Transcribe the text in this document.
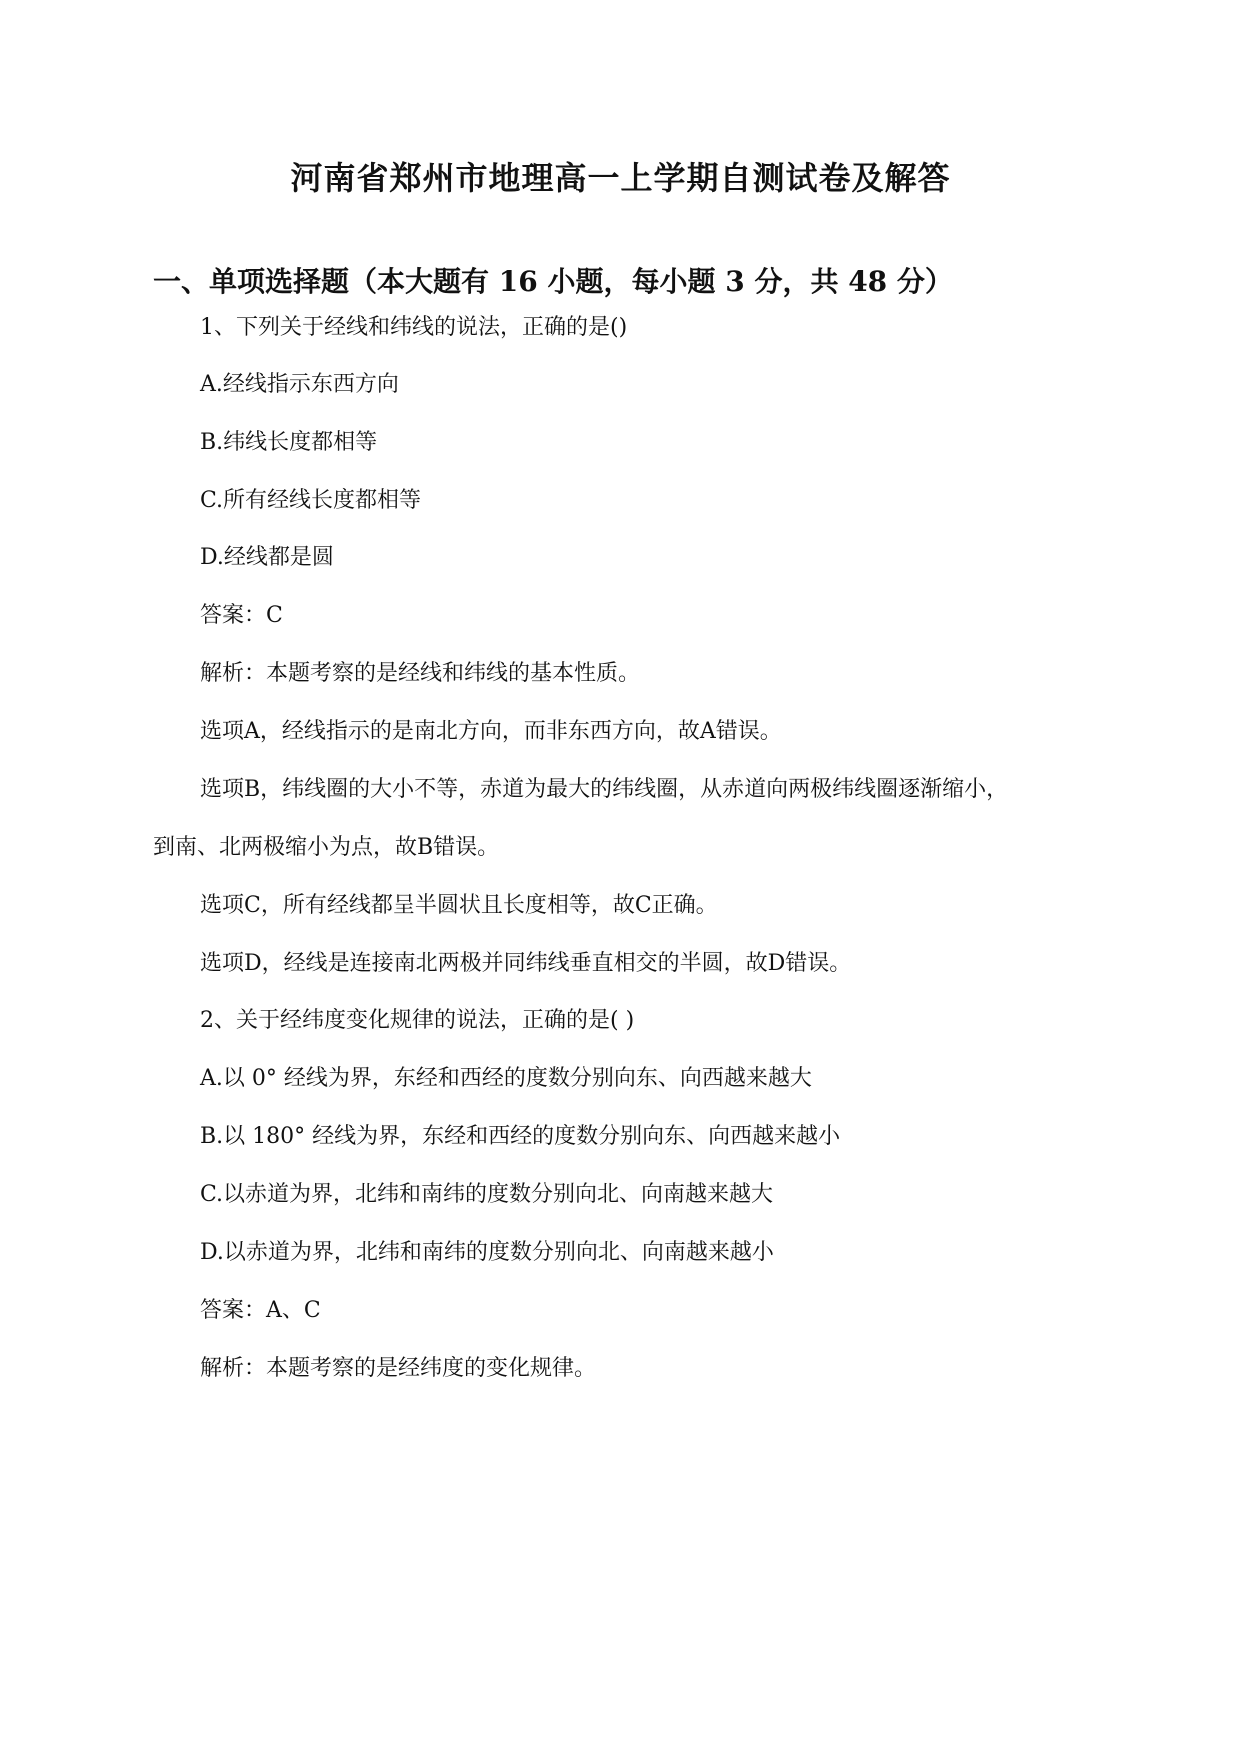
河南省郑州市地理高一上学期自测试卷及解答
一、单项选择题（本大题有 16 小题，每小题 3 分，共 48 分）
1、下列关于经线和纬线的说法，正确的是()
A.经线指示东西方向
B.纬线长度都相等
C.所有经线长度都相等
D.经线都是圆
答案：C
解析：本题考察的是经线和纬线的基本性质。
选项A，经线指示的是南北方向，而非东西方向，故A错误。
选项B，纬线圈的大小不等，赤道为最大的纬线圈，从赤道向两极纬线圈逐渐缩小，
到南、北两极缩小为点，故B错误。
选项C，所有经线都呈半圆状且长度相等，故C正确。
选项D，经线是连接南北两极并同纬线垂直相交的半圆，故D错误。
2、关于经纬度变化规律的说法，正确的是( )
A.以 0° 经线为界，东经和西经的度数分别向东、向西越来越大
B.以 180° 经线为界，东经和西经的度数分别向东、向西越来越小
C.以赤道为界，北纬和南纬的度数分别向北、向南越来越大
D.以赤道为界，北纬和南纬的度数分别向北、向南越来越小
答案：A、C
解析：本题考察的是经纬度的变化规律。
